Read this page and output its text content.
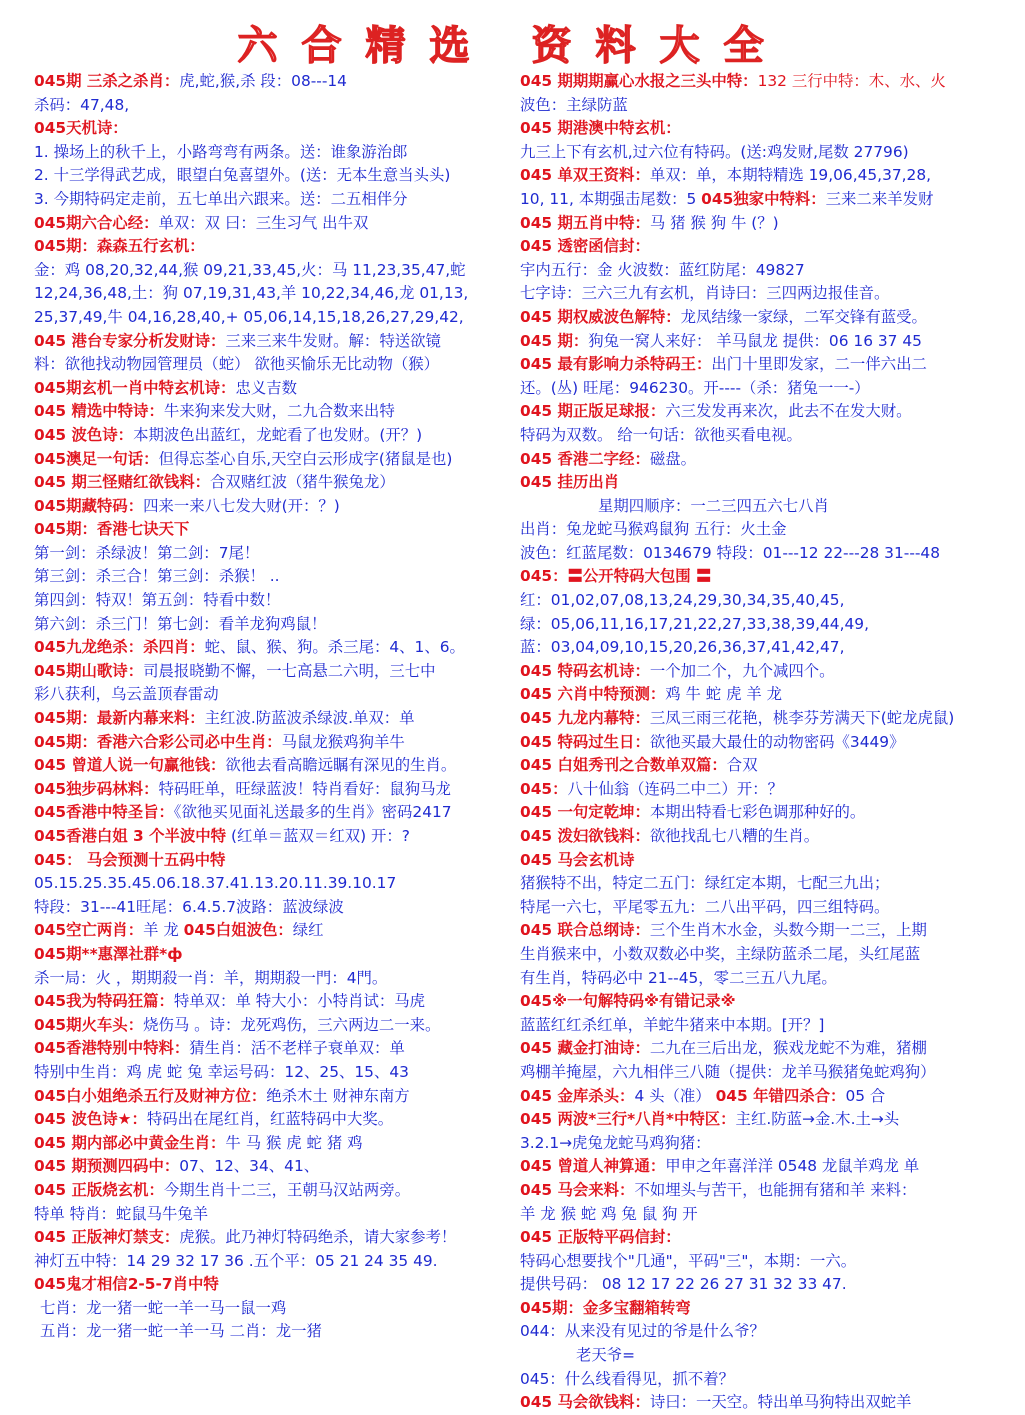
六合精选 资料大全
045期 三杀之杀肖：虎,蛇,猴,杀 段：08---14
杀码：47,48,
045天机诗：
1. 操场上的秋千上，小路弯弯有两条。送：谁象游治郎
2. 十三学得武艺成，眼望白兔喜望外。(送：无本生意当头头)
3. 今期特码定走前，五七单出六跟来。送：二五相伴分
045期六合心经：单双：双 曰：三生习气 出牛双
045期：森森五行玄机：
金：鸡 08,20,32,44,猴 09,21,33,45,火：马 11,23,35,47,蛇
12,24,36,48,土：狗 07,19,31,43,羊 10,22,34,46,龙 01,13,
25,37,49,牛 04,16,28,40,+ 05,06,14,15,18,26,27,29,42,
045 港台专家分析发财诗：三来三来牛发财。解：特送欲镜
料：欲彵找动物园管理员（蛇） 欲彵买愉乐无比动物（猴）
045期玄机一肖中特玄机诗：忠义吉数
045 精选中特诗：牛来狗来发大财，二九合数来出特
045 波色诗：本期波色出蓝红，龙蛇看了也发财。(开？)
045澳足一句话：但得忘荃心自乐,天空白云形成字(猪鼠是也)
045 期三怪赌红欲钱料：合双赌红波（猪牛猴兔龙）
045期藏特码：四来一来八七发大财(开：？)
045期：香港七诀天下
第一剑：杀绿波！第二剑：7尾！
第三剑：杀三合！第三剑：杀猴！ ..
第四剑：特双！第五剑：特看中数！
第六剑：杀三门！第七剑：看羊龙狗鸡鼠！
045九龙绝杀：杀四肖：蛇、鼠、猴、狗。杀三尾：4、1、6。
045期山歌诗：司晨报晓勤不懈，一七高悬二六明，三七中
彩八获利，乌云盖顶春雷动
045期：最新内幕来料：主红波.防蓝波杀绿波.单双：单
045期：香港六合彩公司必中生肖：马鼠龙猴鸡狗羊牛
045 曾道人说一句赢彵钱：欲彵去看高瞻远瞩有深见的生肖。
045独步码林料：特码旺单，旺绿蓝波！特肖看好：鼠狗马龙
045香港中特圣旨：《欲彵买见面礼送最多的生肖》密码2417
045香港白姐 3 个半波中特 (红单＝蓝双＝红双) 开：?
045： 马会预测十五码中特
05.15.25.35.45.06.18.37.41.13.20.11.39.10.17
特段：31---41旺尾：6.4.5.7波路：蓝波绿波
045空亡两肖：羊 龙 045白姐波色：绿红
045期**惠澤社群*ф
杀一局：火 ，期期殺一肖：羊，期期殺一門：4門。
045我为特码狂篇：特单双：单 特大小：小特肖试：马虎
045期火车头：烧伤马 。诗：龙死鸡伤，三六两边二一来。
045香港特别中特料：猜生肖：活不老样子衰单双：单
特别中生肖：鸡 虎 蛇 兔 幸运号码：12、25、15、43
045白小姐绝杀五行及财神方位：绝杀木土 财神东南方
045 波色诗★：特码出在尾红肖，红蓝特码中大奖。
045 期内部必中黄金生肖：牛 马 猴 虎 蛇 猪 鸡
045 期预测四码中：07、12、34、41、
045 正版烧玄机：今期生肖十二三，王朝马汉站两旁。
特单 特肖：蛇鼠马牛兔羊
045 正版神灯禁支：虎猴。此乃神灯特码绝杀，请大家参考！
神灯五中特：14 29 32 17 36 .五个平：05 21 24 35 49.
045鬼才相信2-5-7肖中特
七肖：龙一猪一蛇一羊一马一鼠一鸡
五肖：龙一猪一蛇一羊一马 二肖：龙一猪
045 期期期赢心水报之三头中特：132 三行中特：木、水、火
波色：主绿防蓝
045 期港澳中特玄机：
九三上下有玄机,过六位有特码。(送:鸡发财,尾数 27796)
045 单双王资料：单双：单，本期特精选 19,06,45,37,28,
10, 11, 本期强击尾数：5 045独家中特料：三来二来羊发财
045 期五肖中特：马 猪 猴 狗 牛 (？)
045 透密函信封：
宇内五行：金 火波数：蓝红防尾：49827
七字诗：三六三九有玄机，肖诗曰：三四两边报佳音。
045 期权威波色解特：龙凤结缘一家绿，二军交锋有蓝受。
045 期：狗兔一窝人来好： 羊马鼠龙 提供：06 16 37 45
045 最有影响力杀特码王：出门十里即发家，二一伴六出二
还。(丛) 旺尾：946230。开----（杀：猪兔一一-）
045 期正版足球报：六三发发再来次，此去不在发大财。
特码为双数。 给一句话：欲彵买看电视。
045 香港二字经：磁盘。
045 挂历出肖
星期四顺序：一二三四五六七八肖
出肖：兔龙蛇马猴鸡鼠狗 五行：火土金
波色：红蓝尾数：0134679 特段：01---12 22---28 31---48
045：〓公开特码大包围 〓
红：01,02,07,08,13,24,29,30,34,35,40,45,
绿：05,06,11,16,17,21,22,27,33,38,39,44,49,
蓝：03,04,09,10,15,20,26,36,37,41,42,47,
045 特码玄机诗：一个加二个，九个减四个。
045 六肖中特预测：鸡 牛 蛇 虎 羊 龙
045 九龙内幕特：三凤三雨三花艳，桃李芬芳满天下(蛇龙虎鼠)
045 特码过生日：欲彵买最大最仕的动物密码《3449》
045 白姐秀刊之合数单双篇：合双
045：八十仙翁（连码二中二）开：？
045 一句定乾坤：本期出特看七彩色调那种好的。
045 泼妇欲钱料：欲彵找乱七八糟的生肖。
045 马会玄机诗
猪猴特不出，特定二五门：绿红定本期，七配三九出；
特尾一六七，平尾零五九：二八出平码，四三组特码。
045 联合总纲诗：三个生肖木水金，头数今期一二三，上期
生肖猴来中，小数双数必中奖，主绿防蓝杀二尾，头红尾蓝
有生肖，特码必中 21--45，零二三五八九尾。
045※一句解特码※有错记录※
蓝蓝红红杀红单，羊蛇牛猪来中本期。[开？]
045 藏金打油诗：二九在三后出龙，猴戏龙蛇不为难，猪棚
鸡棚羊掩屋，六九相伴三八随（提供：龙羊马猴猪兔蛇鸡狗）
045 金库杀头：4 头（准） 045 年错四杀合：05 合
045 两波*三行*八肖*中特区：主红.防蓝→金.木.土→头
3.2.1→虎兔龙蛇马鸡狗猪：
045 曾道人神算通：甲申之年喜洋洋 0548 龙鼠羊鸡龙 单
045 马会来料：不如埋头与苦干，也能拥有猪和羊 来料：
羊 龙 猴 蛇 鸡 兔 鼠 狗 开
045 正版特平码信封：
特码心想要找个"几通"，平码"三"，本期：一六。
提供号码： 08 12 17 22 26 27 31 32 33 47.
045期：金多宝翻箱转弯
044：从来没有见过的爷是什么爷？
老天爷=
045：什么线看得见，抓不着？
045 马会欲钱料：诗曰：一天空。特出单马狗特出双蛇羊
